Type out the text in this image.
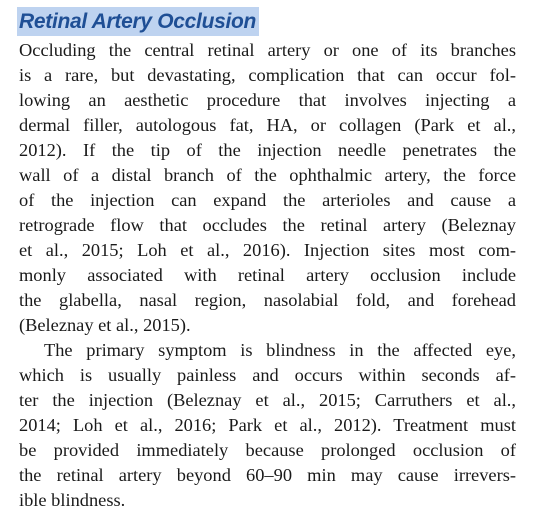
Retinal Artery Occlusion
Occluding the central retinal artery or one of its branches
is a rare, but devastating, complication that can occur fol-
lowing an aesthetic procedure that involves injecting a
dermal filler, autologous fat, HA, or collagen (Park et al.,
2012). If the tip of the injection needle penetrates the
wall of a distal branch of the ophthalmic artery, the force
of the injection can expand the arterioles and cause a
retrograde flow that occludes the retinal artery (Beleznay
et al., 2015; Loh et al., 2016). Injection sites most com-
monly associated with retinal artery occlusion include
the glabella, nasal region, nasolabial fold, and forehead
(Beleznay et al., 2015).
The primary symptom is blindness in the affected eye,
which is usually painless and occurs within seconds af-
ter the injection (Beleznay et al., 2015; Carruthers et al.,
2014; Loh et al., 2016; Park et al., 2012). Treatment must
be provided immediately because prolonged occlusion of
the retinal artery beyond 60–90 min may cause irrevers-
ible blindness.
